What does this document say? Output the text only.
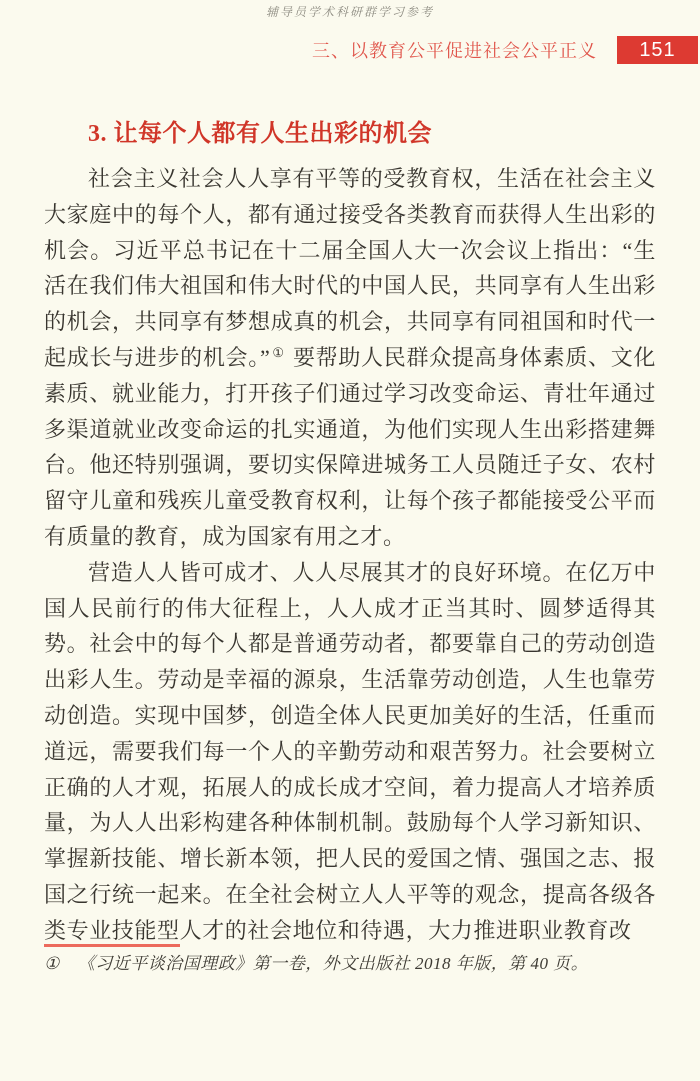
辅导员学术科研群学习参考
三、以教育公平促进社会公平正义 151
3. 让每个人都有人生出彩的机会

社会主义社会人人享有平等的受教育权，生活在社会主义大家庭中的每个人，都有通过接受各类教育而获得人生出彩的机会。习近平总书记在十二届全国人大一次会议上指出：“生活在我们伟大祖国和伟大时代的中国人民，共同享有人生出彩的机会，共同享有梦想成真的机会，共同享有同祖国和时代一起成长与进步的机会。” ① 要帮助人民群众提高身体素质、文化素质、就业能力，打开孩子们通过学习改变命运、青壮年通过多渠道就业改变命运的扎实通道，为他们实现人生出彩搭建舞台。他还特别强调，要切实保障进城务工人员随迁子女、农村留守儿童和残疾儿童受教育权利，让每个孩子都能接受公平而有质量的教育，成为国家有用之才。

营造人人皆可成才、人人尽展其才的良好环境。在亿万中国人民前行的伟大征程上，人人成才正当其时、圆梦适得其势。社会中的每个人都是普通劳动者，都要靠自己的劳动创造出彩人生。劳动是幸福的源泉，生活靠劳动创造，人生也靠劳动创造。实现中国梦，创造全体人民更加美好的生活，任重而道远，需要我们每一个人的辛勤劳动和艰苦努力。社会要树立正确的人才观，拓展人的成长成才空间，着力提高人才培养质量，为人人出彩构建各种体制机制。鼓励每个人学习新知识、掌握新技能、增长新本领，把人民的爱国之情、强国之志、报国之行统一起来。在全社会树立人人平等的观念，提高各级各类专业技能型人才的社会地位和待遇，大力推进职业教育改

① 《习近平谈治国理政》第一卷，外文出版社 2018 年版，第 40 页。
